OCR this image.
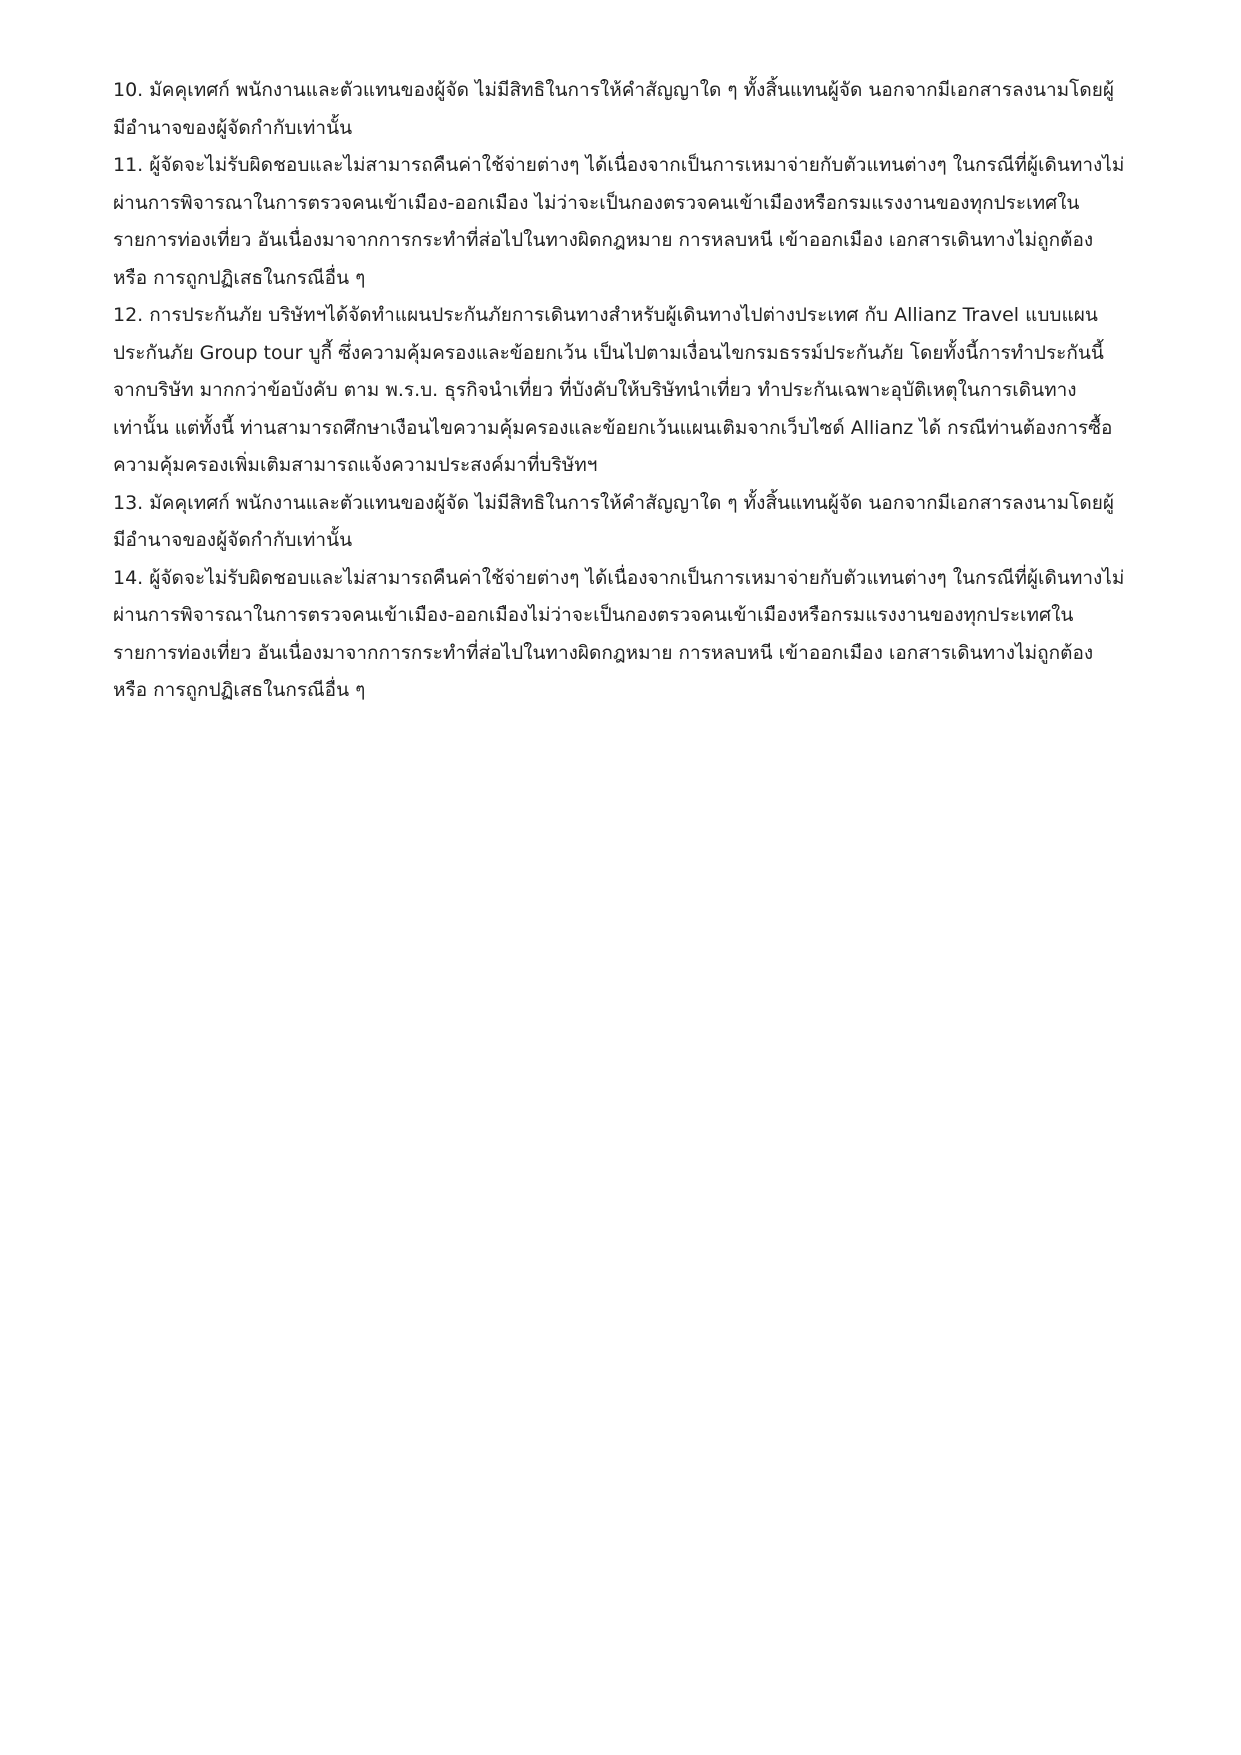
10. มัคคุเทศก์ พนักงานและตัวแทนของผู้จัด ไม่มีสิทธิในการให้คำสัญญาใด ๆ ทั้งสิ้นแทนผู้จัด นอกจากมีเอกสารลงนามโดยผู้
มีอำนาจของผู้จัดกำกับเท่านั้น

11. ผู้จัดจะไม่รับผิดชอบและไม่สามารถคืนค่าใช้จ่ายต่างๆ ได้เนื่องจากเป็นการเหมาจ่ายกับตัวแทนต่างๆ ในกรณีที่ผู้เดินทางไม่
ผ่านการพิจารณาในการตรวจคนเข้าเมือง-ออกเมือง ไม่ว่าจะเป็นกองตรวจคนเข้าเมืองหรือกรมแรงงานของทุกประเทศใน
รายการท่องเที่ยว อันเนื่องมาจากการกระทำที่ส่อไปในทางผิดกฎหมาย การหลบหนี เข้าออกเมือง เอกสารเดินทางไม่ถูกต้อง
หรือ การถูกปฏิเสธในกรณีอื่น ๆ

12. การประกันภัย บริษัทฯได้จัดทำแผนประกันภัยการเดินทางสำหรับผู้เดินทางไปต่างประเทศ กับ Allianz Travel แบบแผน
ประกันภัย Group tour บูกี้ ซึ่งความคุ้มครองและข้อยกเว้น เป็นไปตามเงื่อนไขกรมธรรม์ประกันภัย โดยทั้งนี้การทำประกันนี้
จากบริษัท มากกว่าข้อบังคับ ตาม พ.ร.บ. ธุรกิจนำเที่ยว ที่บังคับให้บริษัทนำเที่ยว ทำประกันเฉพาะอุบัติเหตุในการเดินทาง
เท่านั้น แต่ทั้งนี้ ท่านสามารถศึกษาเงือนไขความคุ้มครองและข้อยกเว้นแผนเติมจากเว็บไซด์ Allianz ได้ กรณีท่านต้องการซื้อ
ความคุ้มครองเพิ่มเติมสามารถแจ้งความประสงค์มาที่บริษัทฯ

13. มัคคุเทศก์ พนักงานและตัวแทนของผู้จัด ไม่มีสิทธิในการให้คำสัญญาใด ๆ ทั้งสิ้นแทนผู้จัด นอกจากมีเอกสารลงนามโดยผู้
มีอำนาจของผู้จัดกำกับเท่านั้น

14. ผู้จัดจะไม่รับผิดชอบและไม่สามารถคืนค่าใช้จ่ายต่างๆ ได้เนื่องจากเป็นการเหมาจ่ายกับตัวแทนต่างๆ ในกรณีที่ผู้เดินทางไม่
ผ่านการพิจารณาในการตรวจคนเข้าเมือง-ออกเมืองไม่ว่าจะเป็นกองตรวจคนเข้าเมืองหรือกรมแรงงานของทุกประเทศใน
รายการท่องเที่ยว อันเนื่องมาจากการกระทำที่ส่อไปในทางผิดกฎหมาย การหลบหนี เข้าออกเมือง เอกสารเดินทางไม่ถูกต้อง
หรือ การถูกปฏิเสธในกรณีอื่น ๆ
